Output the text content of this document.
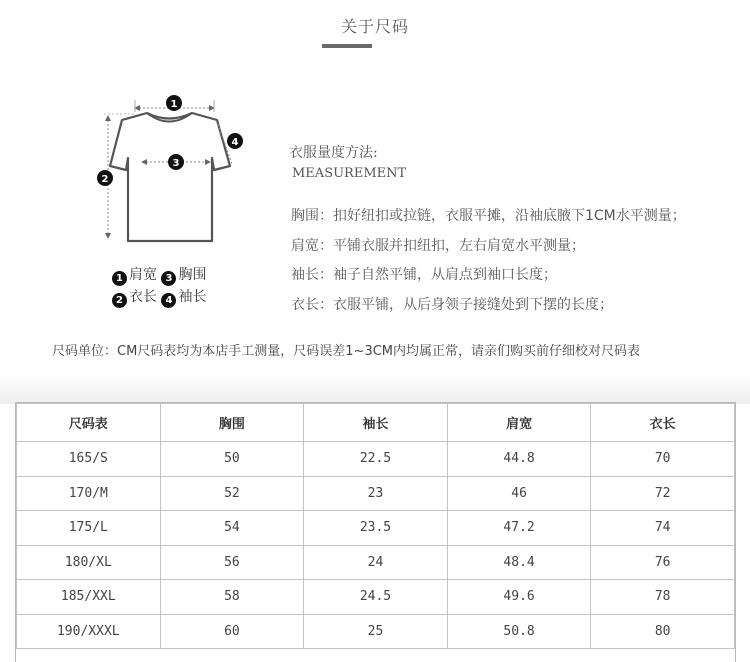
关于尺码
1
2
3
4
1 肩宽 3 胸围
2 衣长 4 袖长
衣服量度方法:
MEASUREMENT
胸围：扣好纽扣或拉链，衣服平摊，沿袖底腋下1CM水平测量；
肩宽：平铺衣服并扣纽扣，左右肩宽水平测量；
袖长：袖子自然平铺，从肩点到袖口长度；
衣长：衣服平铺，从后身领子接缝处到下摆的长度；
尺码单位：CM尺码表均为本店手工测量，尺码误差1~3CM内均属正常，请亲们购买前仔细校对尺码表
尺码表	胸围	袖长	肩宽	衣长
165/S	50	22.5	44.8	70
170/M	52	23	46	72
175/L	54	23.5	47.2	74
180/XL	56	24	48.4	76
185/XXL	58	24.5	49.6	78
190/XXXL	60	25	50.8	80
